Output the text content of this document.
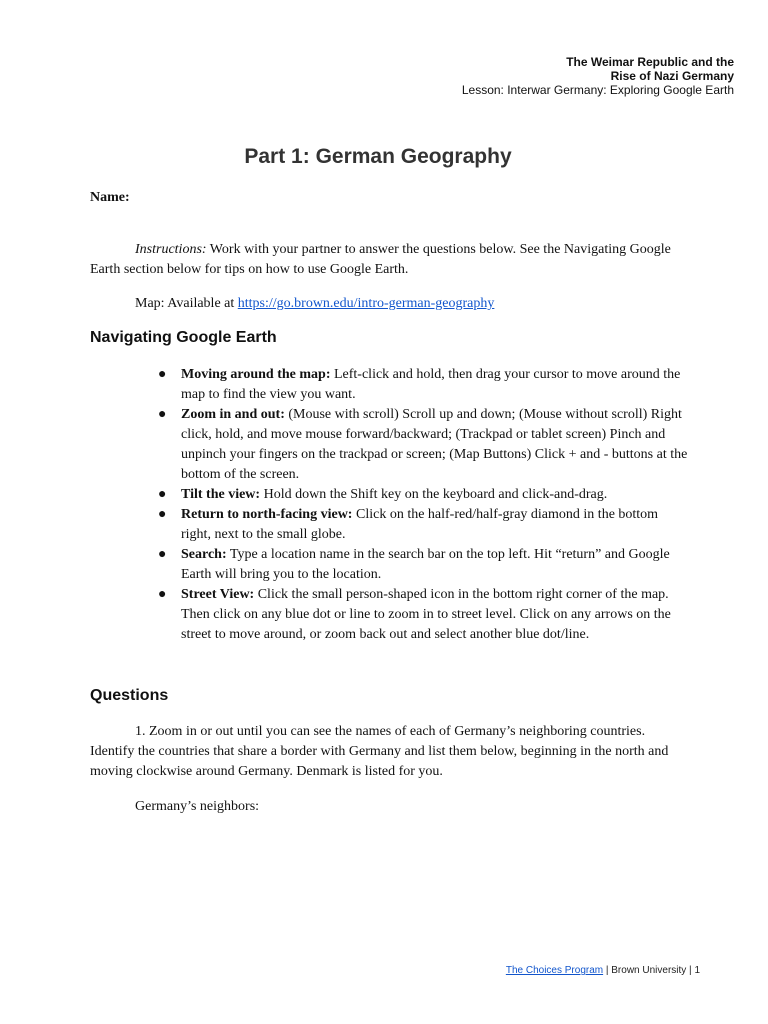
The Weimar Republic and the
Rise of Nazi Germany
Lesson: Interwar Germany: Exploring Google Earth
Part 1: German Geography
Name:
Instructions: Work with your partner to answer the questions below. See the Navigating Google Earth section below for tips on how to use Google Earth.
Map: Available at https://go.brown.edu/intro-german-geography
Navigating Google Earth
● Moving around the map: Left-click and hold, then drag your cursor to move around the map to find the view you want.
● Zoom in and out: (Mouse with scroll) Scroll up and down; (Mouse without scroll) Right click, hold, and move mouse forward/backward; (Trackpad or tablet screen) Pinch and unpinch your fingers on the trackpad or screen; (Map Buttons) Click + and - buttons at the bottom of the screen.
● Tilt the view: Hold down the Shift key on the keyboard and click-and-drag.
● Return to north-facing view: Click on the half-red/half-gray diamond in the bottom right, next to the small globe.
● Search: Type a location name in the search bar on the top left. Hit “return” and Google Earth will bring you to the location.
● Street View: Click the small person-shaped icon in the bottom right corner of the map. Then click on any blue dot or line to zoom in to street level. Click on any arrows on the street to move around, or zoom back out and select another blue dot/line.
Questions
1. Zoom in or out until you can see the names of each of Germany’s neighboring countries. Identify the countries that share a border with Germany and list them below, beginning in the north and moving clockwise around Germany. Denmark is listed for you.
Germany’s neighbors:
The Choices Program | Brown University | 1
